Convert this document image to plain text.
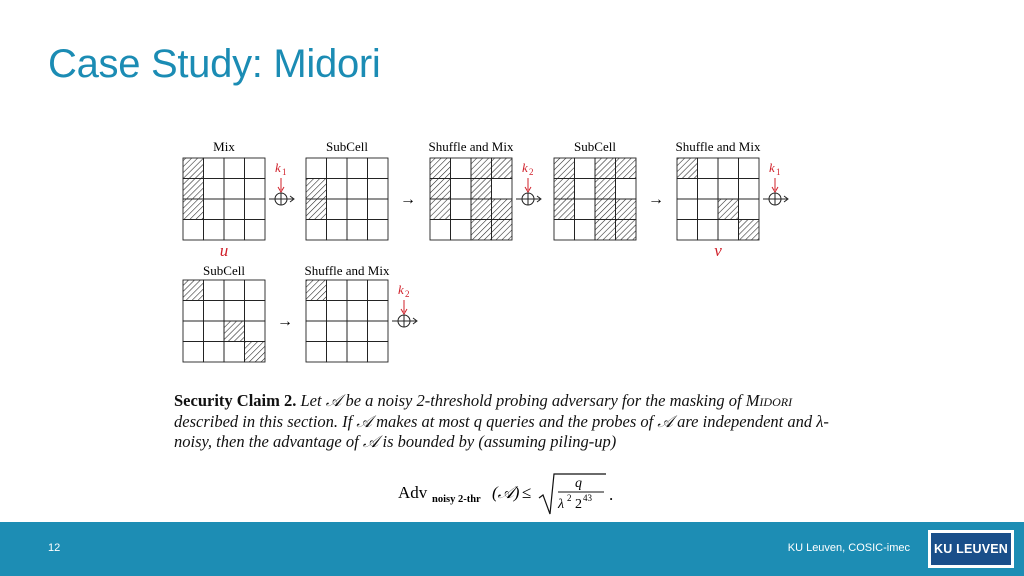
Case Study: Midori
Mix
u
k 1
SubCell
→
Shuffle and Mix
k 2
SubCell
→
Shuffle and Mix
v
k 1
SubCell
→
Shuffle and Mix
k 2
Security Claim 2. Let 𝒜 be a noisy 2-threshold probing adversary for the masking of Midori described in this section. If 𝒜 makes at most q queries and the probes of 𝒜 are independent and λ-noisy, then the advantage of 𝒜 is bounded by (assuming piling-up)
Adv noisy 2-thr (𝒜) ≤	q
λ 2 2 43 .
12	KU Leuven, COSIC-imec KU LEUVEN
